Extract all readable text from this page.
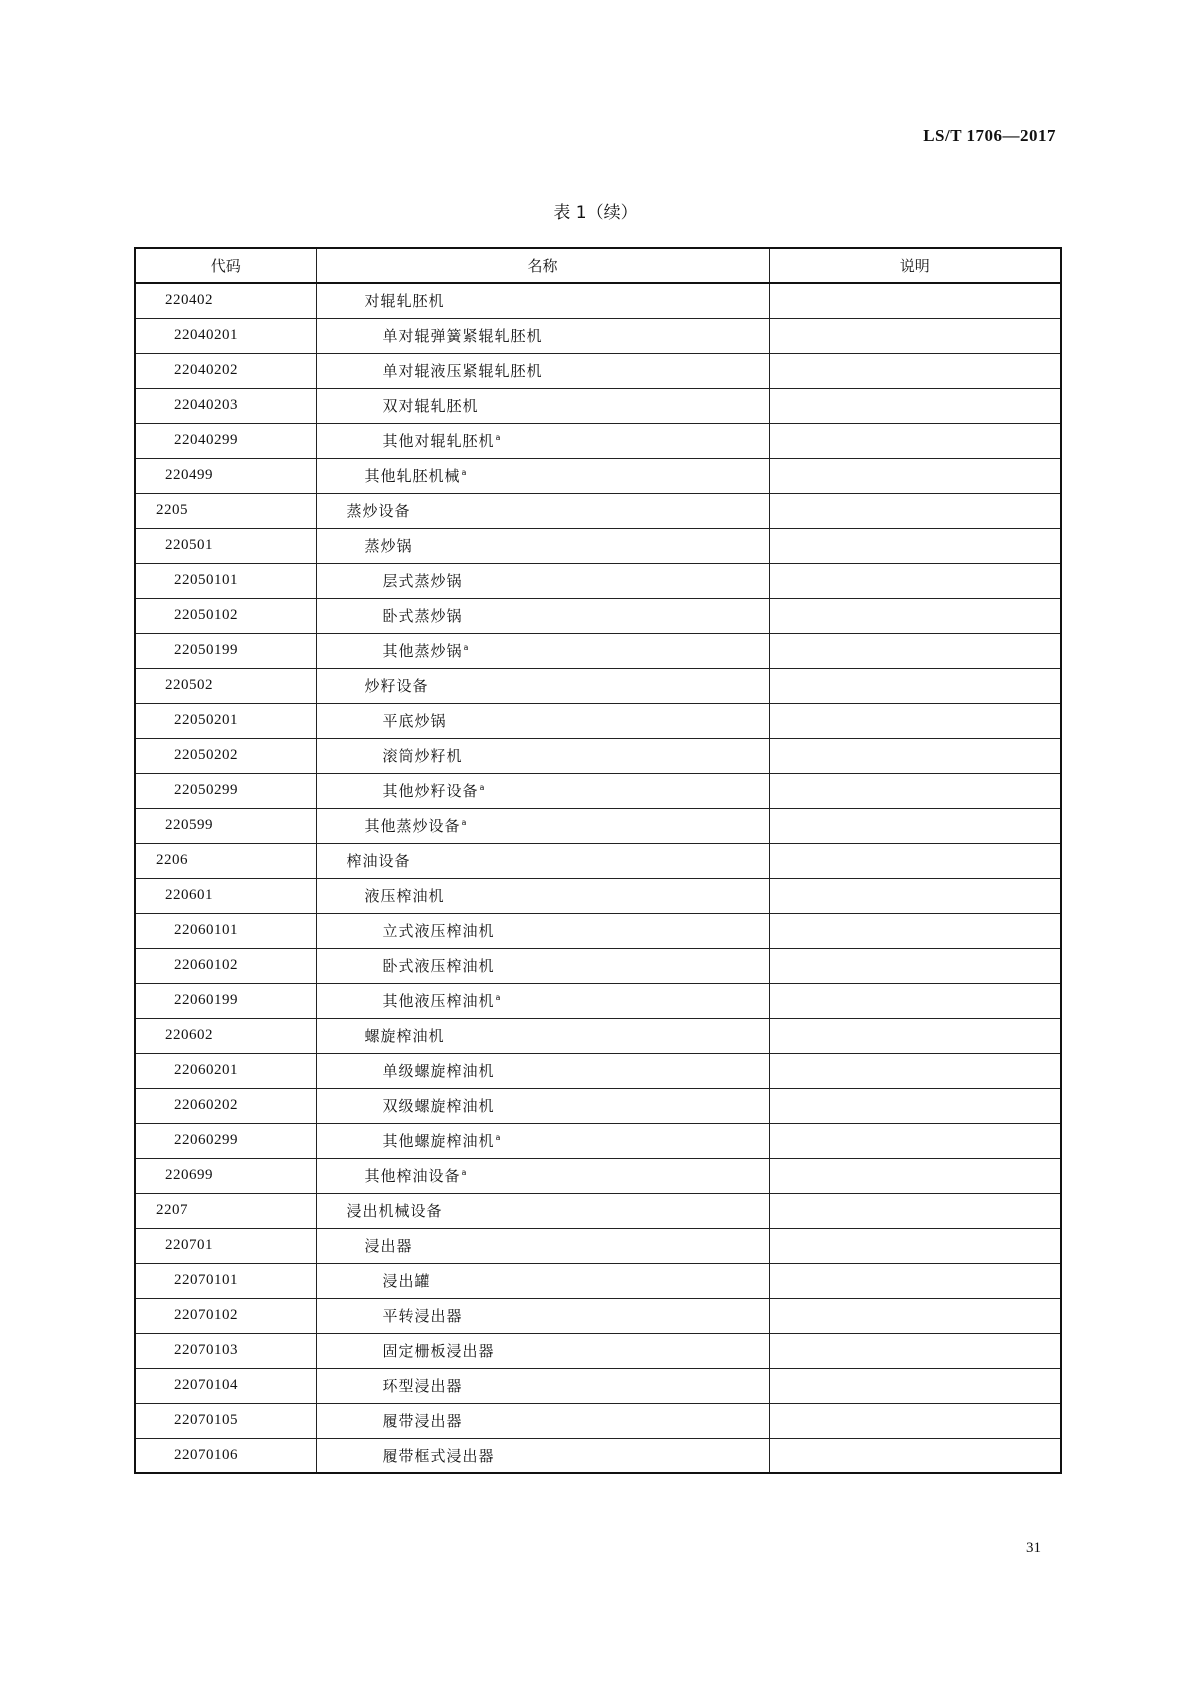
LS/T 1706—2017
表 1（续）
代码	名称	说明
220402	对辊轧胚机	
22040201	单对辊弹簧紧辊轧胚机	
22040202	单对辊液压紧辊轧胚机	
22040203	双对辊轧胚机	
22040299	其他对辊轧胚机$^a$	
220499	其他轧胚机械$^a$	
2205	蒸炒设备	
220501	蒸炒锅	
22050101	层式蒸炒锅	
22050102	卧式蒸炒锅	
22050199	其他蒸炒锅$^a$	
220502	炒籽设备	
22050201	平底炒锅	
22050202	滚筒炒籽机	
22050299	其他炒籽设备$^a$	
220599	其他蒸炒设备$^a$	
2206	榨油设备	
220601	液压榨油机	
22060101	立式液压榨油机	
22060102	卧式液压榨油机	
22060199	其他液压榨油机$^a$	
220602	螺旋榨油机	
22060201	单级螺旋榨油机	
22060202	双级螺旋榨油机	
22060299	其他螺旋榨油机$^a$	
220699	其他榨油设备$^a$	
2207	浸出机械设备	
220701	浸出器	
22070101	浸出罐	
22070102	平转浸出器	
22070103	固定栅板浸出器	
22070104	环型浸出器	
22070105	履带浸出器	
22070106	履带框式浸出器	
31
